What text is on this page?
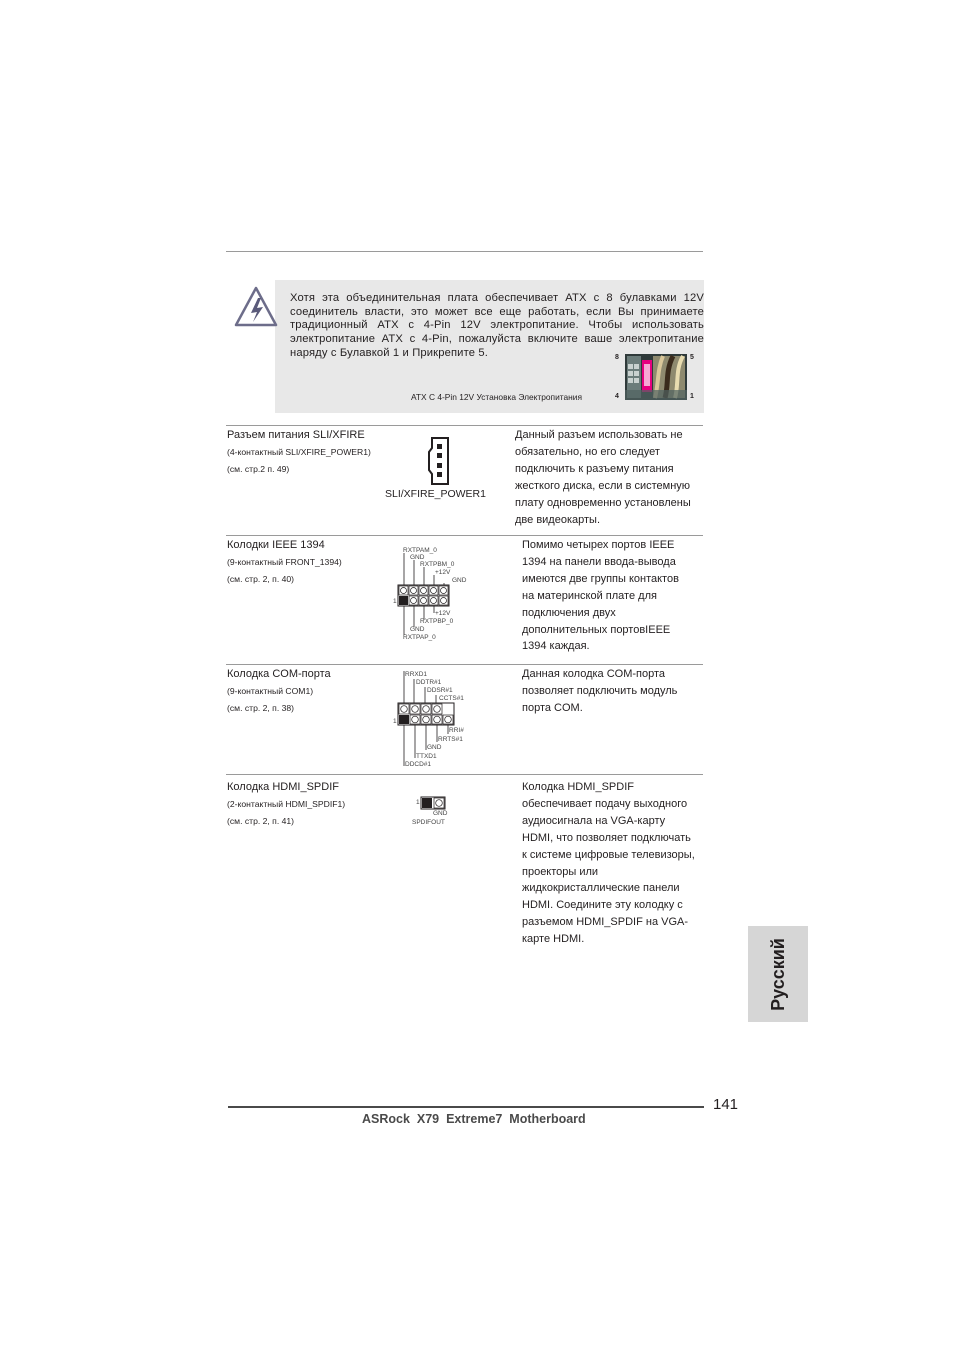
Хотя эта объединительная плата обеспечивает АТХ с 8 булавками 12V соединитель власти, это может все еще работать, если Вы принимаете традиционный АТХ с 4-Pin 12V электропитание. Чтобы использовать электропитание АТХ с 4-Pin, пожалуйста включите ваше электропитание наряду с Булавкой 1 и Прикрепите 5.	8	5
4	1
АТХ С 4-Pin 12V Установка Электропитания
Разъем питания SLI/XFIRE
(4-контактный SLI/XFIRE_POWER1)
(см. стр.2 п. 49)
SLI/XFIRE_POWER1
Данный разъем использовать не
обязательно, но его следует
подключить к разъему питания
жесткого диска, если в системную
плату одновременно установлены
две видеокарты.
Колодки IEEE 1394
(9-контактный FRONT_1394)
(см. стр. 2, п. 40)
RXTPAM_0
GND
RXTPBM_0
+12V
GND
1
+12V
RXTPBP_0
GND
RXTPAP_0
Помимо четырех портов IEEE
1394 на панели ввода-вывода
имеются две группы контактов
на материнской плате для
подключения двух
дополнительных портовIEEE
1394 каждая.
Колодка COM-порта
(9-контактный COM1)
(см. стр. 2, п. 38)
RRXD1
DDTR#1
DDSR#1
CCTS#1
1
RRI#
RRTS#1
GND
TTXD1
DDCD#1
Данная колодка COM-порта
позволяет подключить модуль
порта COM.
Колодка HDMI_SPDIF
(2-контактный HDMI_SPDIF1)
(см. стр. 2, п. 41)
1
GND
SPDIFOUT
Колодка HDMI_SPDIF
обеспечивает подачу выходного
аудиосигнала на VGA-карту
HDMI, что позволяет подключать
к системе цифровые телевизоры,
проекторы или
жидкокристаллические панели
HDMI. Соедините эту колодку с
разъемом HDMI_SPDIF на VGA-
карте HDMI.	Русский
141
ASRock  X79  Extreme7  Motherboard
